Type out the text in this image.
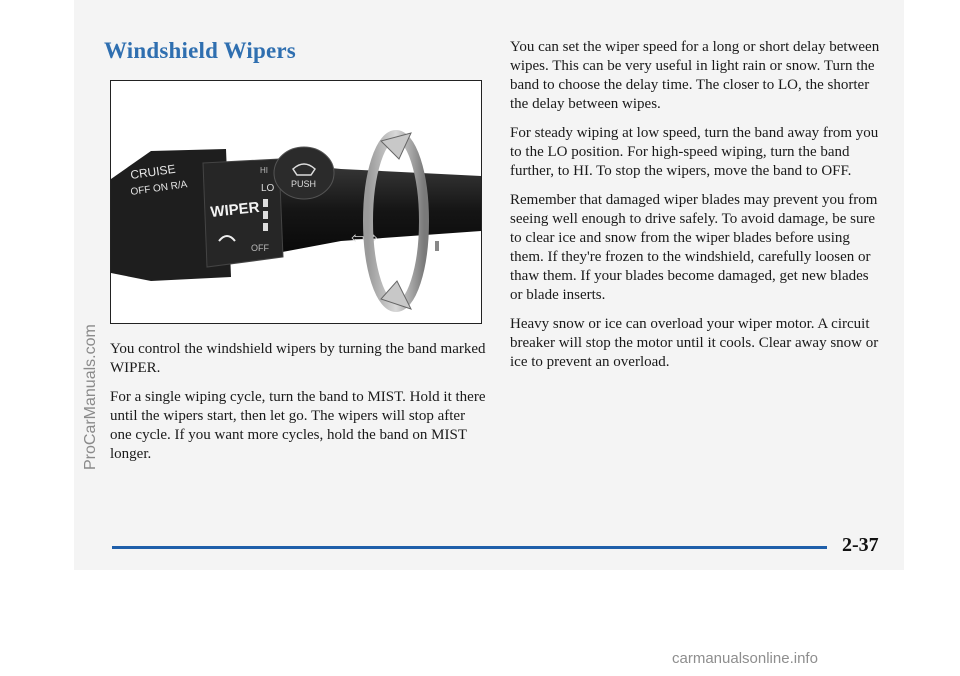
Windshield Wipers
CRUISE
OFF ON R/A
WIPER
HI
LO
OFF
PUSH
⇦⇨

You control the windshield wipers by turning the band marked WIPER.

For a single wiping cycle, turn the band to MIST. Hold it there until the wipers start, then let go. The wipers will stop after one cycle. If you want more cycles, hold the band on MIST longer.

You can set the wiper speed for a long or short delay between wipes. This can be very useful in light rain or snow. Turn the band to choose the delay time. The closer to LO, the shorter the delay between wipes.

For steady wiping at low speed, turn the band away from you to the LO position. For high-speed wiping, turn the band further, to HI. To stop the wipers, move the band to OFF.

Remember that damaged wiper blades may prevent you from seeing well enough to drive safely. To avoid damage, be sure to clear ice and snow from the wiper blades before using them. If they're frozen to the windshield, carefully loosen or thaw them. If your blades become damaged, get new blades or blade inserts.

Heavy snow or ice can overload your wiper motor. A circuit breaker will stop the motor until it cools. Clear away snow or ice to prevent an overload.

2-37
ProCarManuals.com
carmanualsonline.info
